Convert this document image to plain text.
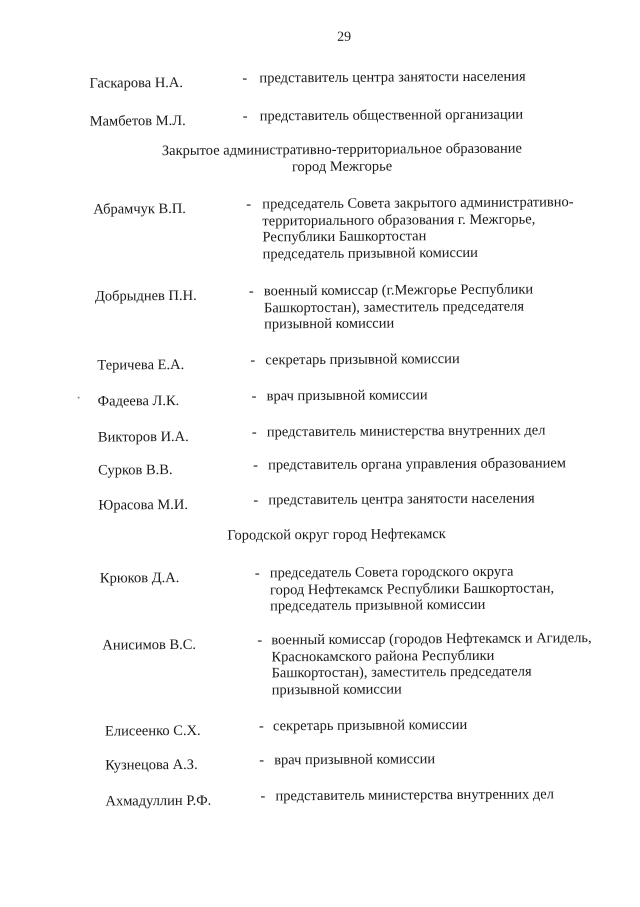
29
Гаскарова Н.А.	- представитель центра занятости населения
Мамбетов М.Л.	- представитель общественной организации
Закрытое административно-территориальное образование
город Межгорье
Абрамчук В.П.	- председатель Совета закрытого административно-
территориального образования г. Межгорье,
Республики Башкортостан
председатель призывной комиссии
Добрыднев П.Н.	- военный комиссар (г.Межгорье Республики
Башкортостан), заместитель председателя
призывной комиссии
Теричева Е.А.	- секретарь призывной комиссии
Фадеева Л.К.	- врач призывной комиссии
Викторов И.А.	- представитель министерства внутренних дел
Сурков В.В.	- представитель органа управления образованием
Юрасова М.И.	- представитель центра занятости населения
Городской округ город Нефтекамск
Крюков Д.А.	- председатель Совета городского округа
город Нефтекамск Республики Башкортостан,
председатель призывной комиссии
Анисимов В.С.	- военный комиссар (городов Нефтекамск и Агидель,
Краснокамского района Республики
Башкортостан), заместитель председателя
призывной комиссии
Елисеенко С.Х.	- секретарь призывной комиссии
Кузнецова А.З.	- врач призывной комиссии
Ахмадуллин Р.Ф.	- представитель министерства внутренних дел
